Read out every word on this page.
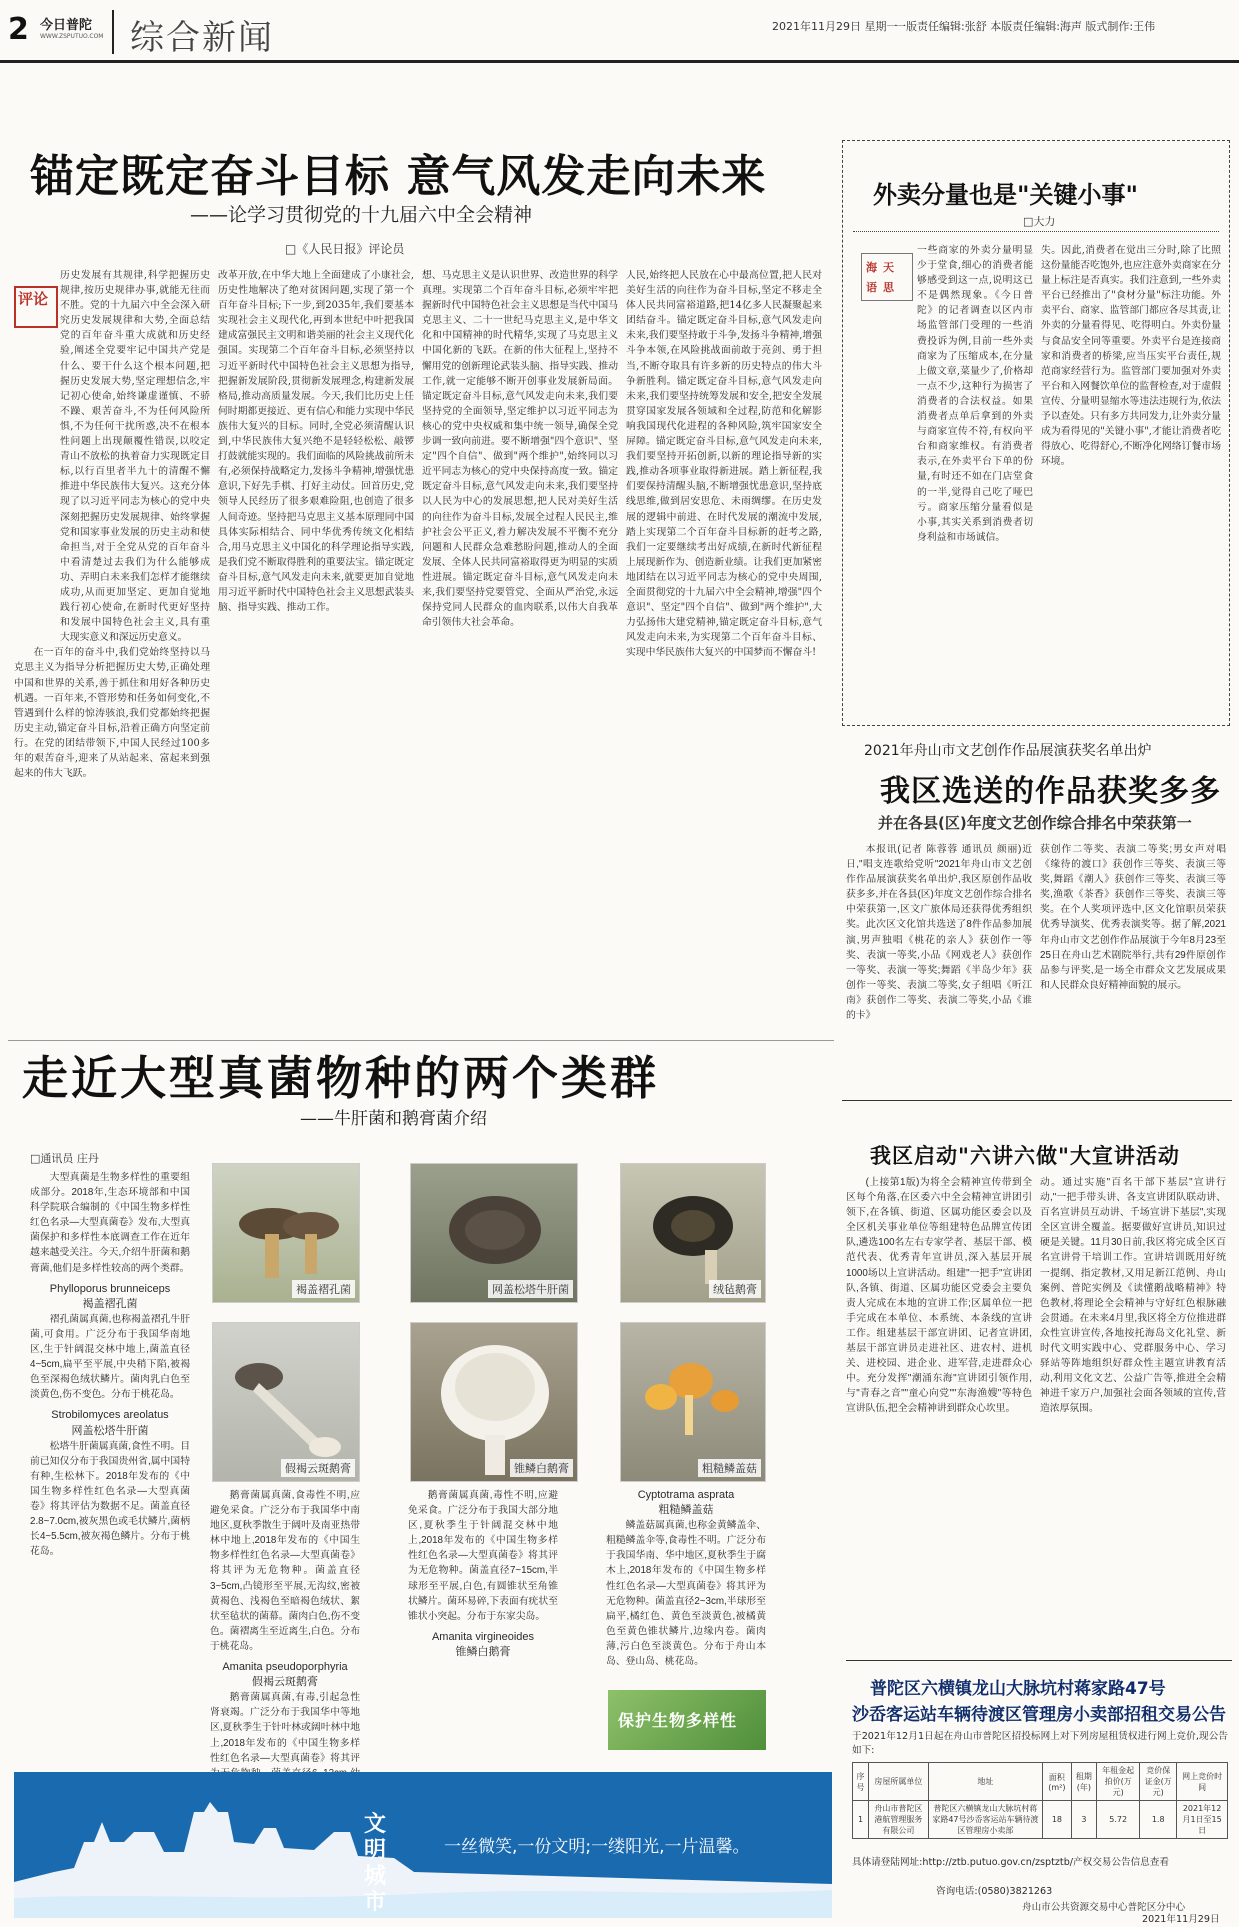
2 今日普陀
WWW.ZSPUTUO.COM 综合新闻	2021年11月29日 星期一
一版责任编辑:张舒 本版责任编辑:海声 版式制作:王伟
锚定既定奋斗目标 意气风发走向未来
——论学习贯彻党的十九届六中全会精神
□《人民日报》评论员
评论

历史发展有其规律,科学把握历史规律,按历史规律办事,就能无往而不胜。党的十九届六中全会深入研究历史发展规律和大势,全面总结党的百年奋斗重大成就和历史经验,阐述全党要牢记中国共产党是什么、要干什么这个根本问题,把握历史发展大势,坚定理想信念,牢记初心使命,始终谦虚谨慎、不骄不躁、艰苦奋斗,不为任何风险所惧,不为任何干扰所惑,决不在根本性问题上出现颠覆性错误,以咬定青山不放松的执着奋力实现既定目标,以行百里者半九十的清醒不懈推进中华民族伟大复兴。这充分体现了以习近平同志为核心的党中央深刻把握历史发展规律、始终掌握党和国家事业发展的历史主动和使命担当,对于全党从党的百年奋斗中看清楚过去我们为什么能够成功、弄明白未来我们怎样才能继续成功,从而更加坚定、更加自觉地践行初心使命,在新时代更好坚持和发展中国特色社会主义,具有重大现实意义和深远历史意义。

在一百年的奋斗中,我们党始终坚持以马克思主义为指导分析把握历史大势,正确处理中国和世界的关系,善于抓住和用好各种历史机遇。一百年来,不管形势和任务如何变化,不管遇到什么样的惊涛骇浪,我们党都始终把握历史主动,锚定奋斗目标,沿着正确方向坚定前行。在党的团结带领下,中国人民经过100多年的艰苦奋斗,迎来了从站起来、富起来到强起来的伟大飞跃。

改革开放,在中华大地上全面建成了小康社会,历史性地解决了绝对贫困问题,实现了第一个百年奋斗目标;下一步,到2035年,我们要基本实现社会主义现代化,再到本世纪中叶把我国建成富强民主文明和谐美丽的社会主义现代化强国。实现第二个百年奋斗目标,必须坚持以习近平新时代中国特色社会主义思想为指导,把握新发展阶段,贯彻新发展理念,构建新发展格局,推动高质量发展。今天,我们比历史上任何时期都更接近、更有信心和能力实现中华民族伟大复兴的目标。同时,全党必须清醒认识到,中华民族伟大复兴绝不是轻轻松松、敲锣打鼓就能实现的。我们面临的风险挑战前所未有,必须保持战略定力,发扬斗争精神,增强忧患意识,下好先手棋、打好主动仗。回首历史,党领导人民经历了很多艰难险阻,也创造了很多人间奇迹。坚持把马克思主义基本原理同中国具体实际相结合、同中华优秀传统文化相结合,用马克思主义中国化的科学理论指导实践,是我们党不断取得胜利的重要法宝。锚定既定奋斗目标,意气风发走向未来,就要更加自觉地用习近平新时代中国特色社会主义思想武装头脑、指导实践、推动工作。

想、马克思主义是认识世界、改造世界的科学真理。实现第二个百年奋斗目标,必须牢牢把握新时代中国特色社会主义思想是当代中国马克思主义、二十一世纪马克思主义,是中华文化和中国精神的时代精华,实现了马克思主义中国化新的飞跃。在新的伟大征程上,坚持不懈用党的创新理论武装头脑、指导实践、推动工作,就一定能够不断开创事业发展新局面。锚定既定奋斗目标,意气风发走向未来,我们要坚持党的全面领导,坚定维护以习近平同志为核心的党中央权威和集中统一领导,确保全党步调一致向前进。要不断增强"四个意识"、坚定"四个自信"、做到"两个维护",始终同以习近平同志为核心的党中央保持高度一致。锚定既定奋斗目标,意气风发走向未来,我们要坚持以人民为中心的发展思想,把人民对美好生活的向往作为奋斗目标,发展全过程人民民主,维护社会公平正义,着力解决发展不平衡不充分问题和人民群众急难愁盼问题,推动人的全面发展、全体人民共同富裕取得更为明显的实质性进展。锚定既定奋斗目标,意气风发走向未来,我们要坚持党要管党、全面从严治党,永远保持党同人民群众的血肉联系,以伟大自我革命引领伟大社会革命。

人民,始终把人民放在心中最高位置,把人民对美好生活的向往作为奋斗目标,坚定不移走全体人民共同富裕道路,把14亿多人民凝聚起来团结奋斗。锚定既定奋斗目标,意气风发走向未来,我们要坚持敢于斗争,发扬斗争精神,增强斗争本领,在风险挑战面前敢于亮剑、勇于担当,不断夺取具有许多新的历史特点的伟大斗争新胜利。锚定既定奋斗目标,意气风发走向未来,我们要坚持统筹发展和安全,把安全发展贯穿国家发展各领域和全过程,防范和化解影响我国现代化进程的各种风险,筑牢国家安全屏障。锚定既定奋斗目标,意气风发走向未来,我们要坚持开拓创新,以新的理论指导新的实践,推动各项事业取得新进展。踏上新征程,我们要保持清醒头脑,不断增强忧患意识,坚持底线思维,做到居安思危、未雨绸缪。在历史发展的逻辑中前进、在时代发展的潮流中发展,踏上实现第二个百年奋斗目标新的赶考之路,我们一定要继续考出好成绩,在新时代新征程上展现新作为、创造新业绩。让我们更加紧密地团结在以习近平同志为核心的党中央周围,全面贯彻党的十九届六中全会精神,增强"四个意识"、坚定"四个自信"、做到"两个维护",大力弘扬伟大建党精神,锚定既定奋斗目标,意气风发走向未来,为实现第二个百年奋斗目标、实现中华民族伟大复兴的中国梦而不懈奋斗!

外卖分量也是"关键小事"
□大力
海天语思

一些商家的外卖分量明显少于堂食,细心的消费者能够感受到这一点,说明这已不是偶然现象。《今日普陀》的记者调查以区内市场监管部门受理的一些消费投诉为例,目前一些外卖商家为了压缩成本,在分量上做文章,菜量少了,价格却一点不少,这种行为损害了消费者的合法权益。如果消费者点单后拿到的外卖与商家宣传不符,有权向平台和商家维权。有消费者表示,在外卖平台下单的份量,有时还不如在门店堂食的一半,觉得自己吃了哑巴亏。商家压缩分量看似是小事,其实关系到消费者切身利益和市场诚信。

失。因此,消费者在觉出三分时,除了比照这份量能否吃饱外,也应注意外卖商家在分量上标注是否真实。我们注意到,一些外卖平台已经推出了"食材分量"标注功能。外卖平台、商家、监管部门都应各尽其责,让外卖的分量看得见、吃得明白。外卖份量与食品安全同等重要。外卖平台是连接商家和消费者的桥梁,应当压实平台责任,规范商家经营行为。监管部门要加强对外卖平台和入网餐饮单位的监督检查,对于虚假宣传、分量明显缩水等违法违规行为,依法予以查处。只有多方共同发力,让外卖分量成为看得见的"关键小事",才能让消费者吃得放心、吃得舒心,不断净化网络订餐市场环境。

2021年舟山市文艺创作作品展演获奖名单出炉
我区选送的作品获奖多多
并在各县(区)年度文艺创作综合排名中荣获第一

本报讯(记者 陈蓉蓉 通讯员 颜丽)近日,"唱支连歌给党听"2021年舟山市文艺创作作品展演获奖名单出炉,我区原创作品收获多多,并在各县(区)年度文艺创作综合排名中荣获第一,区文广旅体局还获得优秀组织奖。此次区文化馆共选送了8件作品参加展演,男声独唱《桃花的亲人》获创作一等奖、表演一等奖,小品《网戏老人》获创作一等奖、表演一等奖;舞蹈《半岛少年》获创作一等奖、表演二等奖,女子组唱《听江南》获创作二等奖、表演二等奖,小品《谁的卡》

获创作二等奖、表演二等奖;男女声对唱《缘待的渡口》获创作三等奖、表演三等奖,舞蹈《潮人》获创作三等奖、表演三等奖,渔歌《茶香》获创作三等奖、表演三等奖。在个人奖项评选中,区文化馆职员荣获优秀导演奖、优秀表演奖等。据了解,2021年舟山市文艺创作作品展演于今年8月23至25日在舟山艺术剧院举行,共有29件原创作品参与评奖,是一场全市群众文艺发展成果和人民群众良好精神面貌的展示。

我区启动"六讲六做"大宣讲活动

(上接第1版)为将全会精神宣传带到全区每个角落,在区委六中全会精神宣讲团引领下,在各镇、街道、区属功能区委会以及全区机关事业单位等组建特色品牌宣传团队,遴选100名左右专家学者、基层干部、模范代表、优秀青年宣讲员,深入基层开展1000场以上宣讲活动。组建"一把手"宣讲团队,各镇、街道、区属功能区党委会主要负责人完成在本地的宣讲工作;区属单位一把手完成在本单位、本系统、本条线的宣讲工作。组建基层干部宣讲团、记者宣讲团,基层干部宣讲员走进社区、进农村、进机关、进校园、进企业、进军营,走进群众心中。充分发挥"潮涌东海"宣讲团引领作用,与"青春之音""童心向党""东海渔嫂"等特色宣讲队伍,把全会精神讲到群众心坎里。

动。通过实施"百名干部下基层"宣讲行动,"一把手带头讲、各支宣讲团队联动讲、百名宣讲员互动讲、千场宣讲下基层",实现全区宣讲全覆盖。据要做好宣讲员,知识过硬是关键。11月30日前,我区将完成全区百名宣讲骨干培训工作。宣讲培训既用好统一提纲、指定教材,又用足新江范例、舟山案例、普陀实例及《读懂鹅战略精神》特色教材,将理论全会精神与守好红色根脉融会贯通。在未来4月里,我区将全方位推进群众性宣讲宣传,各地按托海岛文化礼堂、新时代文明实践中心、党群服务中心、学习驿站等阵地组织好群众性主题宣讲教育活动,利用文化文艺、公益广告等,推进全会精神进千家万户,加强社会面各领域的宣传,营造浓厚氛围。

普陀区六横镇龙山大脉坑村蒋家路47号
沙岙客运站车辆待渡区管理房小卖部招租交易公告
于2021年12月1日起在舟山市普陀区招投标网上对下列房屋租赁权进行网上竞价,现公告如下:
序号	房屋所属单位	地址	面积(m²)	租期(年)	年租金起拍价(万元)	竞价保证金(万元)	网上竞价时间
1	舟山市普陀区港航管理服务有限公司	普陀区六横镇龙山大脉坑村蒋家路47号沙岙客运站车辆待渡区管理房小卖部	18	3	5.72	1.8	2021年12月1日至15日
具体请登陆网址:http://ztb.putuo.gov.cn/zsptztb/产权交易公告信息查看
咨询电话:(0580)3821263
舟山市公共资源交易中心普陀区分中心
2021年11月29日
走近大型真菌物种的两个类群
——牛肝菌和鹅膏菌介绍
□通讯员 庄丹

大型真菌是生物多样性的重要组成部分。2018年,生态环境部和中国科学院联合编制的《中国生物多样性红色名录—大型真菌卷》发布,大型真菌保护和多样性本底调查工作在近年越来越受关注。今天,介绍牛肝菌和鹅膏菌,他们是多样性较高的两个类群。

Phylloporus brunneiceps
褐盖褶孔菌

褶孔菌属真菌,也称褐盖褶孔牛肝菌,可食用。广泛分布于我国华南地区,生于针阔混交林中地上,菌盖直径4~5cm,扁平至平展,中央稍下陷,被褐色至深褐色绒状鳞片。菌肉乳白色至淡黄色,伤不变色。分布于桃花岛。

Strobilomyces areolatus
网盖松塔牛肝菌

松塔牛肝菌属真菌,食性不明。目前已知仅分布于我国贵州省,属中国特有种,生松林下。2018年发布的《中国生物多样性红色名录—大型真菌卷》将其评估为数据不足。菌盖直径2.8~7.0cm,被灰黑色或毛状鳞片,菌柄长4~5.5cm,被灰褐色鳞片。分布于桃花岛。

褐盖褶孔菌	网盖松塔牛肝菌	绒毡鹅膏
假褐云斑鹅膏	锥鳞白鹅膏	粗糙鳞盖菇

鹅膏菌属真菌,食毒性不明,应避免采食。广泛分布于我国华中南地区,夏秋季散生于阔叶及南亚热带林中地上,2018年发布的《中国生物多样性红色名录—大型真菌卷》将其评为无危物种。菌盖直径3~5cm,凸镜形至平展,无沟纹,密被黄褐色、浅褐色至暗褐色绒状、絮状至毡状的菌幕。菌肉白色,伤不变色。菌褶离生至近离生,白色。分布于桃花岛。

Amanita pseudoporphyria
假褐云斑鹅膏

鹅膏菌属真菌,有毒,引起急性肾衰竭。广泛分布于我国华中等地区,夏秋季生于针叶林或阔叶林中地上,2018年发布的《中国生物多样性红色名录—大型真菌卷》将其评

鹅膏菌属真菌,毒性不明,应避免采食。广泛分布于我国大部分地区,夏秋季生于针阔混交林中地上,2018年发布的《中国生物多样性红色名录—大型真菌卷》将其评为无危物种。菌盖直径7~15cm,半球形至平展,白色,有圆锥状至角锥状鳞片。菌环易碎,下表面有疣状至锥状小突起。分布于东家尖岛。

Amanita virgineoides
锥鳞白鹅膏
Cyptotrama asprata
粗糙鳞盖菇

鳞盖菇属真菌,也称金黄鳞盖伞、粗糙鳞盖伞等,食毒性不明。广泛分布于我国华南、华中地区,夏秋季生于腐木上,2018年发布的《中国生物多样性红色名录—大型真菌卷》将其评为无危物种。菌盖直径2~3cm,半球形至扁平,橘红色、黄色至淡黄色,被橘黄色至黄色锥状鳞片,边缘内卷。菌肉薄,污白色至淡黄色。分布于舟山本岛、登山岛、桃花岛。

保护生物多样性
文明城市
一丝微笑,一份文明;一缕阳光,一片温馨。
